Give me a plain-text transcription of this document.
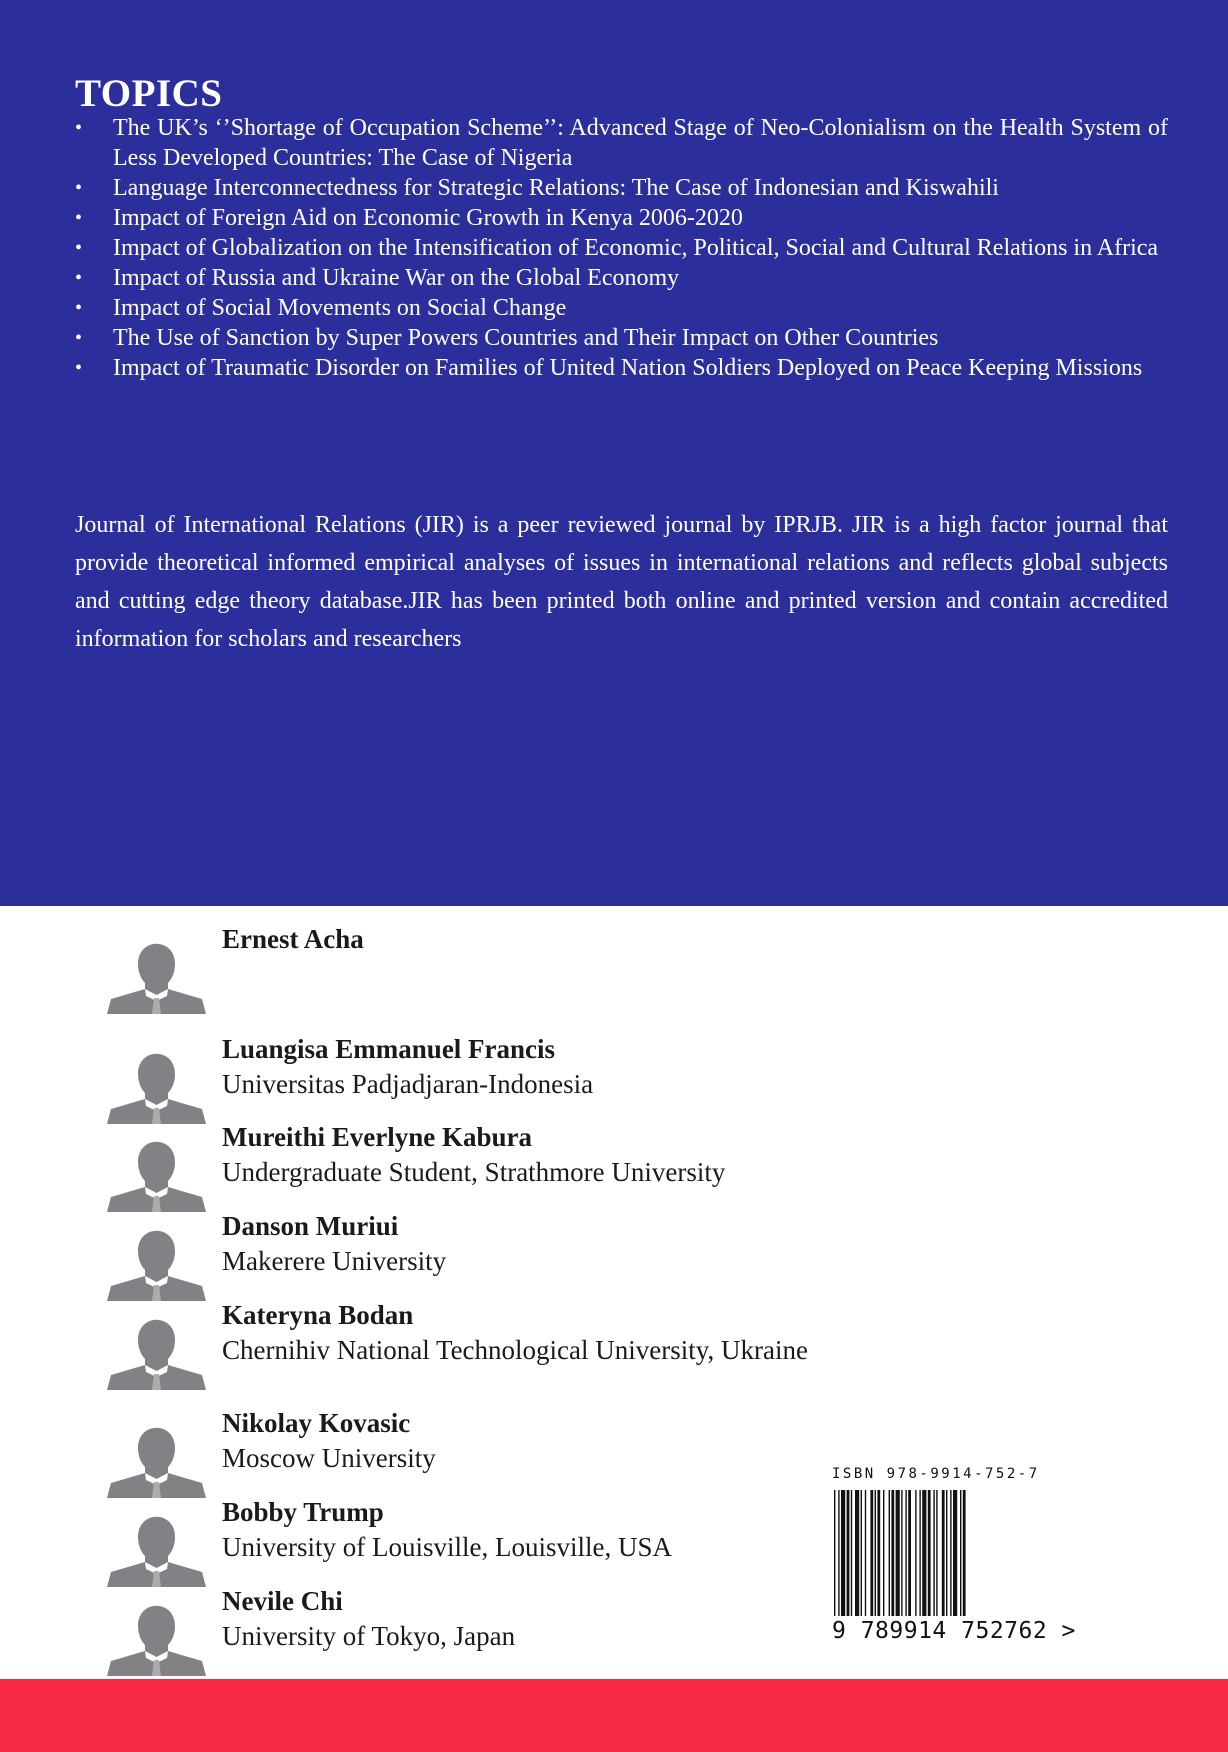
TOPICS
• The UK’s ‘’Shortage of Occupation Scheme’’: Advanced Stage of Neo-Colonialism on the Health System of Less Developed Countries: The Case of Nigeria
• Language Interconnectedness for Strategic Relations: The Case of Indonesian and Kiswahili
• Impact of Foreign Aid on Economic Growth in Kenya 2006-2020
• Impact of Globalization on the Intensification of Economic, Political, Social and Cultural Relations in Africa
• Impact of Russia and Ukraine War on the Global Economy
• Impact of Social Movements on Social Change
• The Use of Sanction by Super Powers Countries and Their Impact on Other Countries
• Impact of Traumatic Disorder on Families of United Nation Soldiers Deployed on Peace Keeping Missions

Journal of International Relations (JIR) is a peer reviewed journal by IPRJB. JIR is a high factor journal that provide theoretical informed empirical analyses of issues in international relations and reflects global subjects and cutting edge theory database.JIR has been printed both online and printed version and contain accredited information for scholars and researchers

Ernest Acha
Luangisa Emmanuel Francis
Universitas Padjadjaran-Indonesia
Mureithi Everlyne Kabura
Undergraduate Student, Strathmore University
Danson Muriui
Makerere University
Kateryna Bodan
Chernihiv National Technological University, Ukraine
Nikolay Kovasic
Moscow University
Bobby Trump
University of Louisville, Louisville, USA
Nevile Chi
University of Tokyo, Japan

ISBN 978-9914-752-7

9 789914 752762 >
